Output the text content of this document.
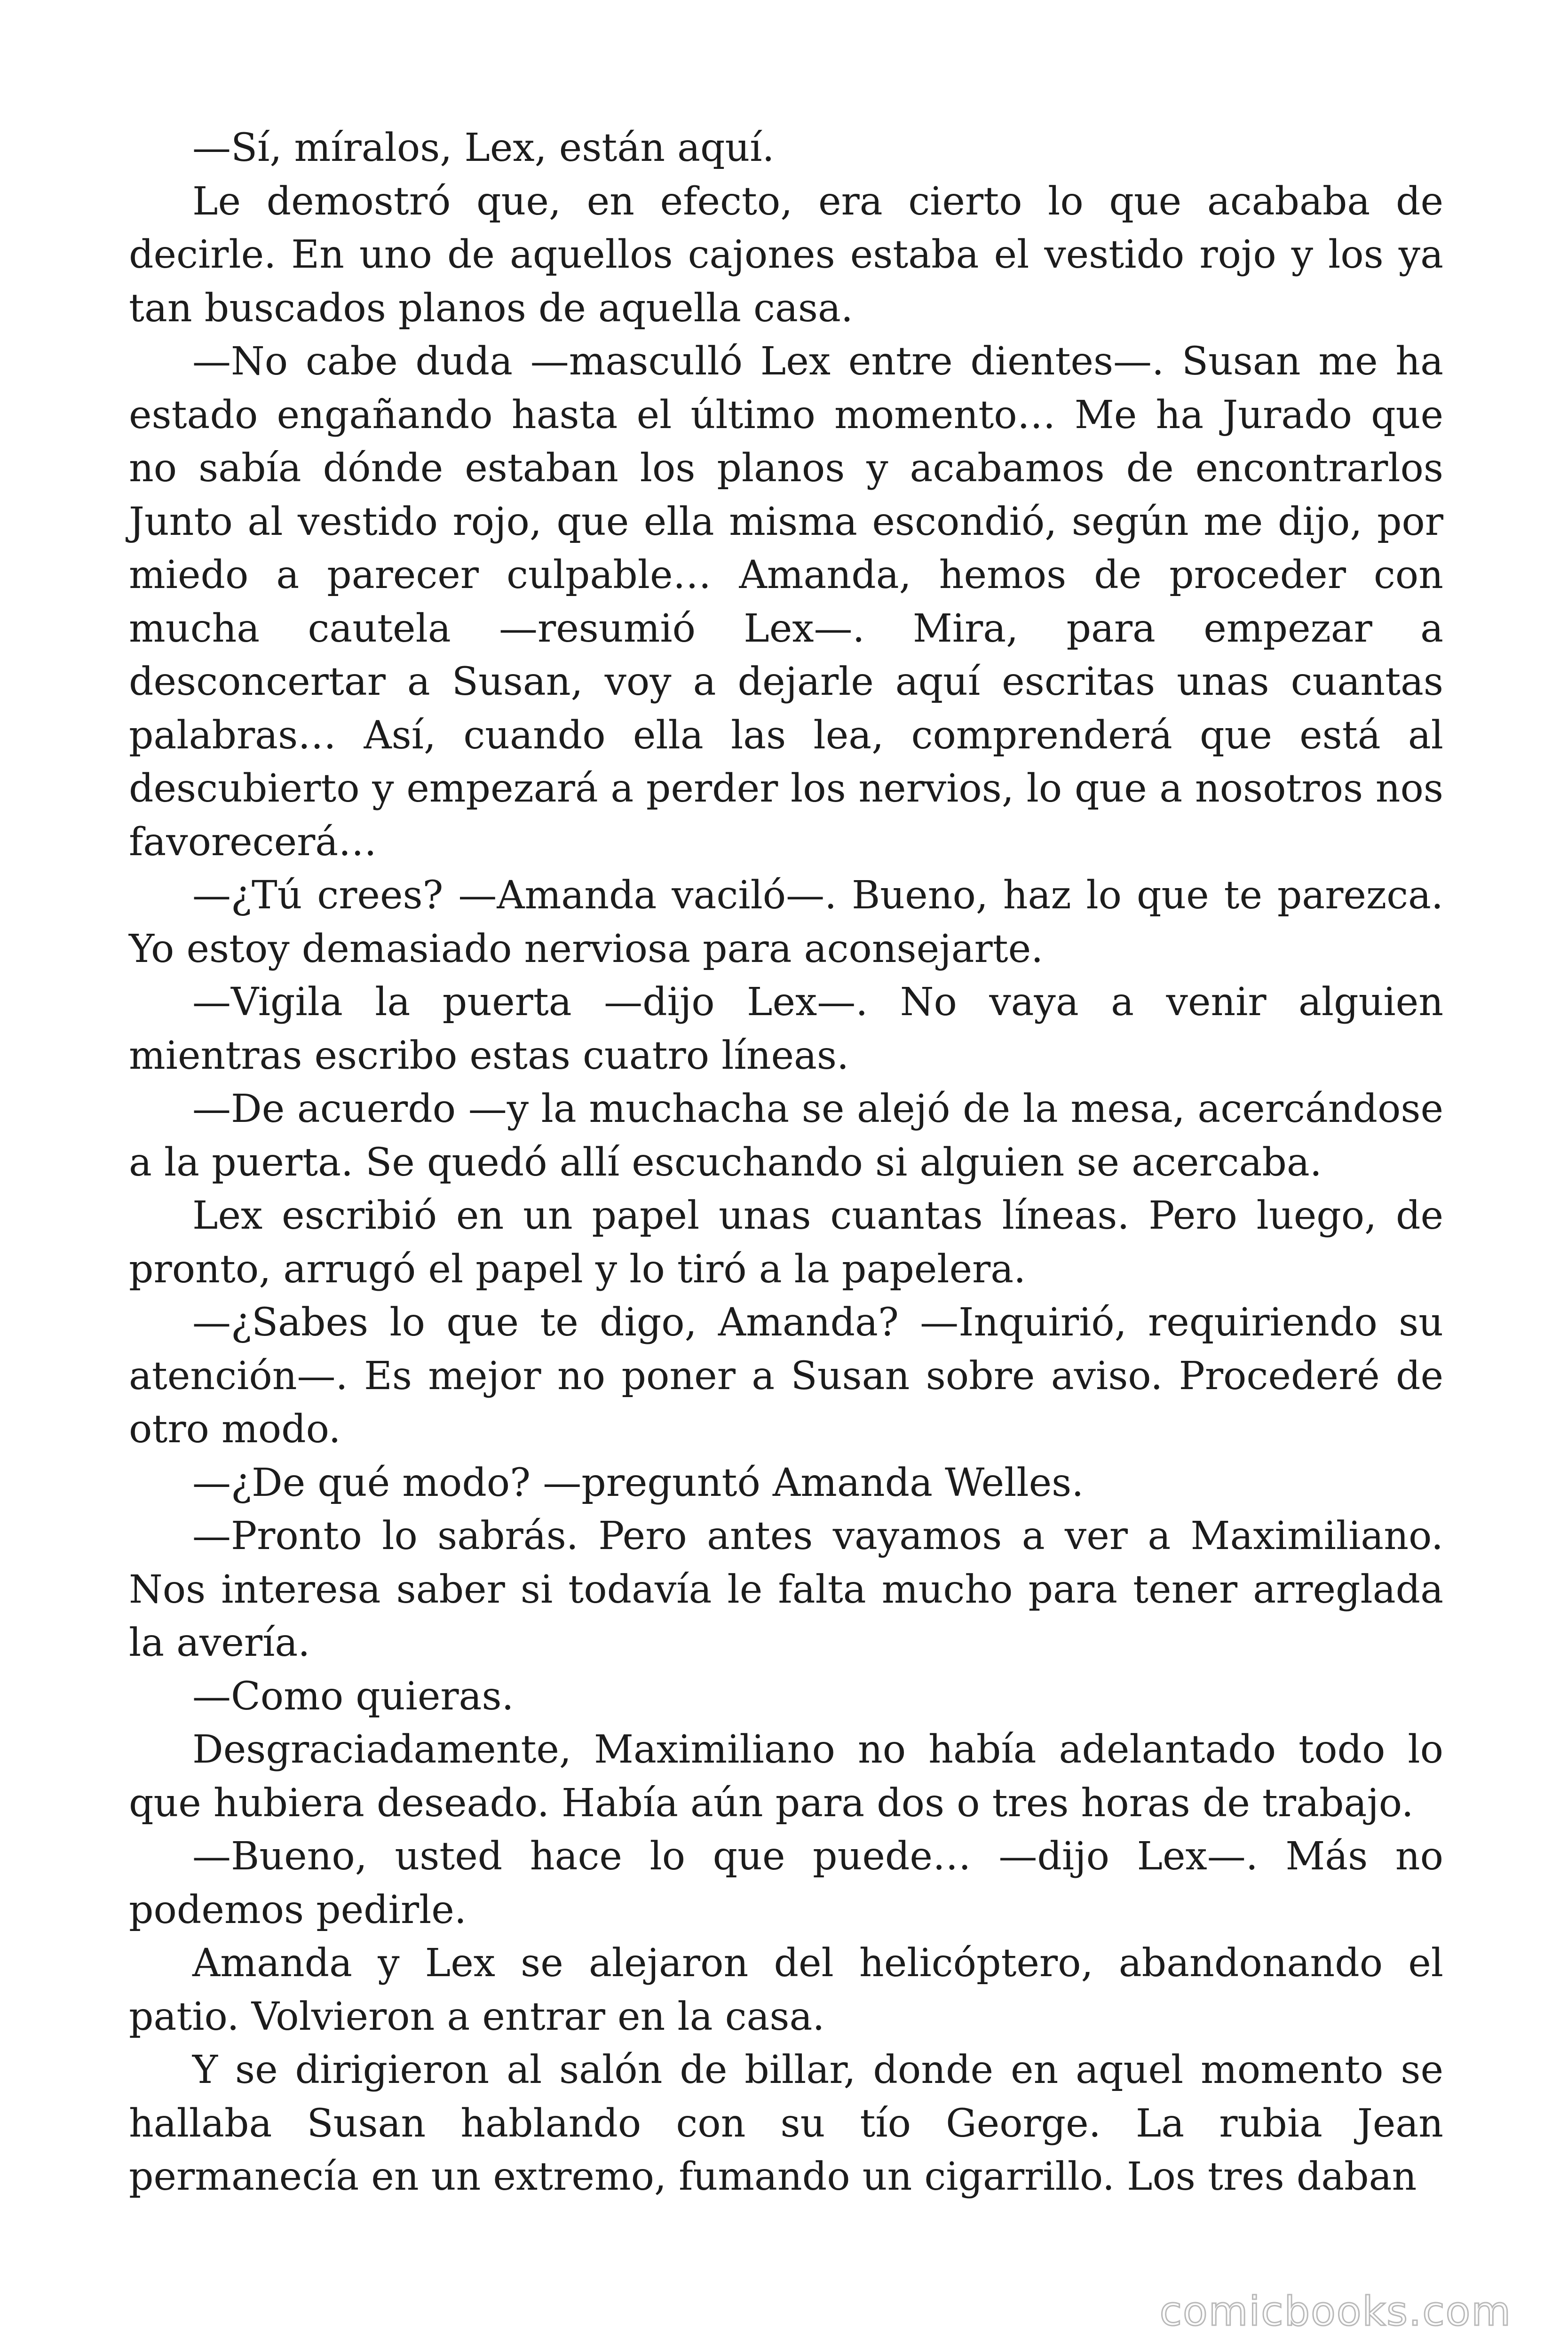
—Sí, míralos, Lex, están aquí.

Le demostró que, en efecto, era cierto lo que acababa de decirle. En uno de aquellos cajones estaba el vestido rojo y los ya tan buscados planos de aquella casa.

—No cabe duda —masculló Lex entre dientes—. Susan me ha estado engañando hasta el último momento… Me ha Jurado que no sabía dónde estaban los planos y acabamos de encontrarlos Junto al vestido rojo, que ella misma escondió, según me dijo, por miedo a parecer culpable… Amanda, hemos de proceder con mucha cautela —resumió Lex—. Mira, para empezar a desconcertar a Susan, voy a dejarle aquí escritas unas cuantas palabras… Así, cuando ella las lea, comprenderá que está al descubierto y empezará a perder los nervios, lo que a nosotros nos favorecerá…

—¿Tú crees? —Amanda vaciló—. Bueno, haz lo que te parezca. Yo estoy demasiado nerviosa para aconsejarte.

—Vigila la puerta —dijo Lex—. No vaya a venir alguien mientras escribo estas cuatro líneas.

—De acuerdo —y la muchacha se alejó de la mesa, acercándose a la puerta. Se quedó allí escuchando si alguien se acercaba.

Lex escribió en un papel unas cuantas líneas. Pero luego, de pronto, arrugó el papel y lo tiró a la papelera.

—¿Sabes lo que te digo, Amanda? —Inquirió, requiriendo su atención—. Es mejor no poner a Susan sobre aviso. Procederé de otro modo.

—¿De qué modo? —preguntó Amanda Welles.

—Pronto lo sabrás. Pero antes vayamos a ver a Maximiliano. Nos interesa saber si todavía le falta mucho para tener arreglada la avería.

—Como quieras.

Desgraciadamente, Maximiliano no había adelantado todo lo que hubiera deseado. Había aún para dos o tres horas de trabajo.

—Bueno, usted hace lo que puede… —dijo Lex—. Más no podemos pedirle.

Amanda y Lex se alejaron del helicóptero, abandonando el patio. Volvieron a entrar en la casa.

Y se dirigieron al salón de billar, donde en aquel momento se hallaba Susan hablando con su tío George. La rubia Jean permanecía en un extremo, fumando un cigarrillo. Los tres daban

comicbooks.com
